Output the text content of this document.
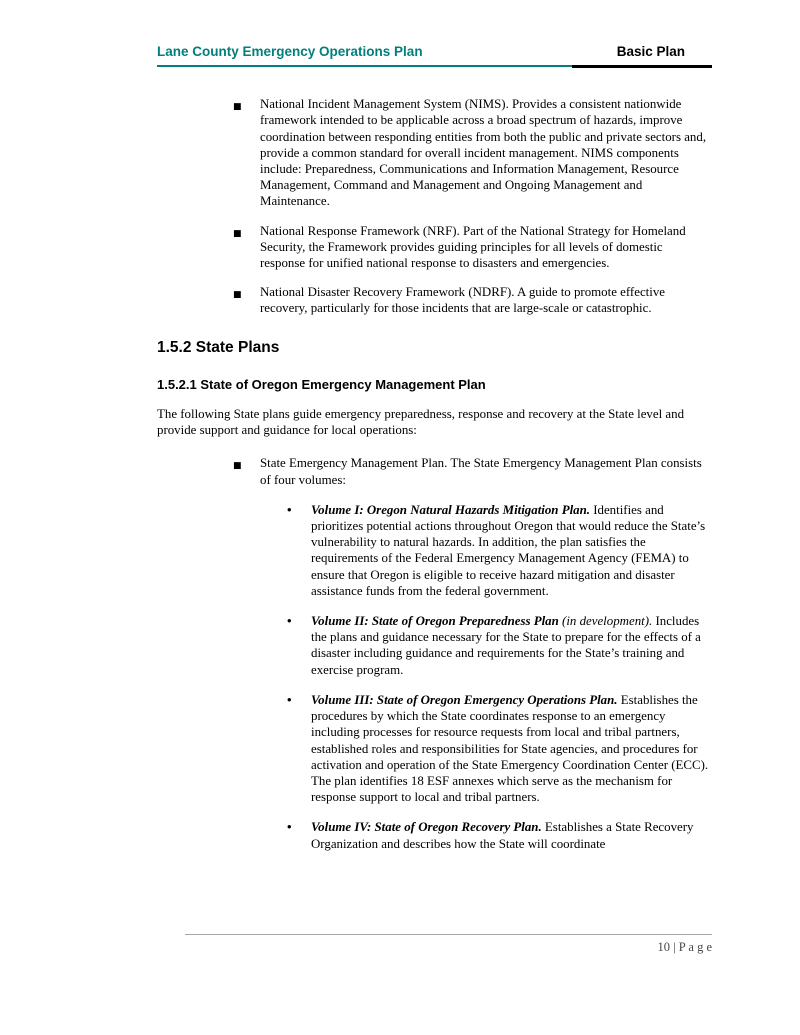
Lane County Emergency Operations Plan	Basic Plan
■	National Incident Management System (NIMS). Provides a consistent nationwide framework intended to be applicable across a broad spectrum of hazards, improve coordination between responding entities from both the public and private sectors and, provide a common standard for overall incident management. NIMS components include: Preparedness, Communications and Information Management, Resource Management, Command and Management and Ongoing Management and Maintenance.
■	National Response Framework (NRF). Part of the National Strategy for Homeland Security, the Framework provides guiding principles for all levels of domestic response for unified national response to disasters and emergencies.
■	National Disaster Recovery Framework (NDRF). A guide to promote effective recovery, particularly for those incidents that are large-scale or catastrophic.
1.5.2 State Plans
1.5.2.1 State of Oregon Emergency Management Plan

The following State plans guide emergency preparedness, response and recovery at the State level and provide support and guidance for local operations:

■	State Emergency Management Plan. The State Emergency Management Plan consists of four volumes:
•	Volume I: Oregon Natural Hazards Mitigation Plan. Identifies and prioritizes potential actions throughout Oregon that would reduce the State’s vulnerability to natural hazards. In addition, the plan satisfies the requirements of the Federal Emergency Management Agency (FEMA) to ensure that Oregon is eligible to receive hazard mitigation and disaster assistance funds from the federal government.
•	Volume II: State of Oregon Preparedness Plan (in development). Includes the plans and guidance necessary for the State to prepare for the effects of a disaster including guidance and requirements for the State’s training and exercise program.
•	Volume III: State of Oregon Emergency Operations Plan. Establishes the procedures by which the State coordinates response to an emergency including processes for resource requests from local and tribal partners, established roles and responsibilities for State agencies, and procedures for activation and operation of the State Emergency Coordination Center (ECC). The plan identifies 18 ESF annexes which serve as the mechanism for response support to local and tribal partners.
•	Volume IV: State of Oregon Recovery Plan. Establishes a State Recovery Organization and describes how the State will coordinate
10 | P a g e
